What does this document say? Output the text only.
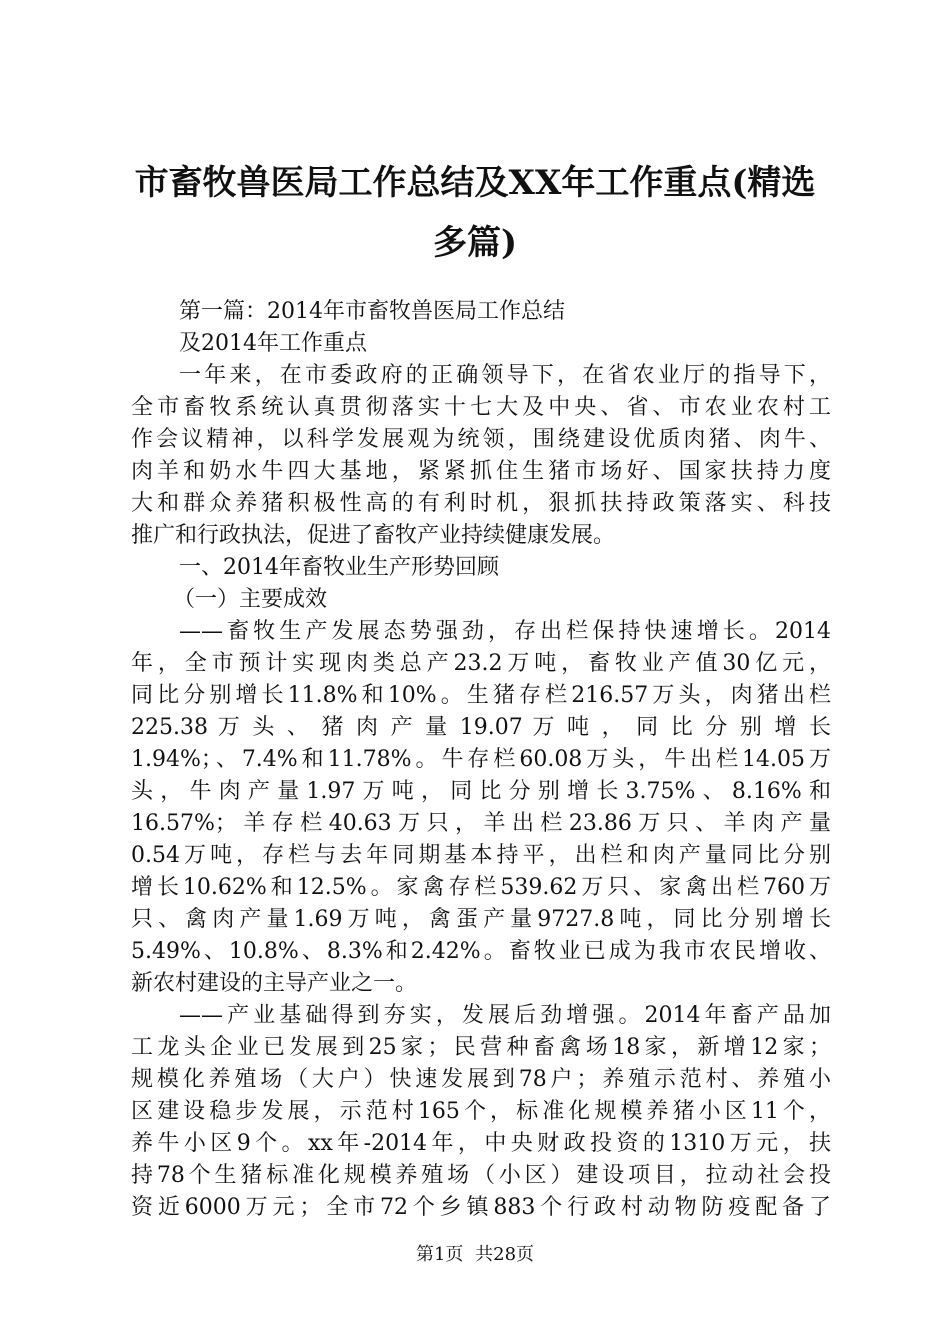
市畜牧兽医局工作总结及XX年工作重点(精选
多篇)
第一篇：2014年市畜牧兽医局工作总结
及2014年工作重点
一年来，在市委政府的正确领导下，在省农业厅的指导下，
全市畜牧系统认真贯彻落实十七大及中央、省、市农业农村工
作会议精神，以科学发展观为统领，围绕建设优质肉猪、肉牛、
肉羊和奶水牛四大基地，紧紧抓住生猪市场好、国家扶持力度
大和群众养猪积极性高的有利时机，狠抓扶持政策落实、科技
推广和行政执法，促进了畜牧产业持续健康发展。
一、2014年畜牧业生产形势回顾
（一）主要成效
——畜牧生产发展态势强劲，存出栏保持快速增长。2014
年，全市预计实现肉类总产23.2万吨，畜牧业产值30亿元，
同比分别增长11.8%和10%。生猪存栏216.57万头，肉猪出栏
225.38 万 头 、 猪 肉 产 量 19.07 万 吨 ， 同 比 分 别 增 长
1.94%；、7.4%和11.78%。牛存栏60.08万头，牛出栏14.05万
头，牛肉产量1.97万吨，同比分别增长3.75%、8.16%和
16.57%；羊存栏40.63万只，羊出栏23.86万只、羊肉产量
0.54万吨，存栏与去年同期基本持平，出栏和肉产量同比分别
增长10.62%和12.5%。家禽存栏539.62万只、家禽出栏760万
只、禽肉产量1.69万吨，禽蛋产量9727.8吨，同比分别增长
5.49%、10.8%、8.3%和2.42%。畜牧业已成为我市农民增收、
新农村建设的主导产业之一。
——产业基础得到夯实，发展后劲增强。2014年畜产品加
工龙头企业已发展到25家；民营种畜禽场18家，新增12家；
规模化养殖场（大户）快速发展到78户；养殖示范村、养殖小
区建设稳步发展，示范村165个，标准化规模养猪小区11个，
养牛小区9个。xx年-2014年，中央财政投资的1310万元，扶
持78个生猪标准化规模养殖场（小区）建设项目，拉动社会投
资近6000万元；全市72个乡镇883个行政村动物防疫配备了
第1页 共28页
